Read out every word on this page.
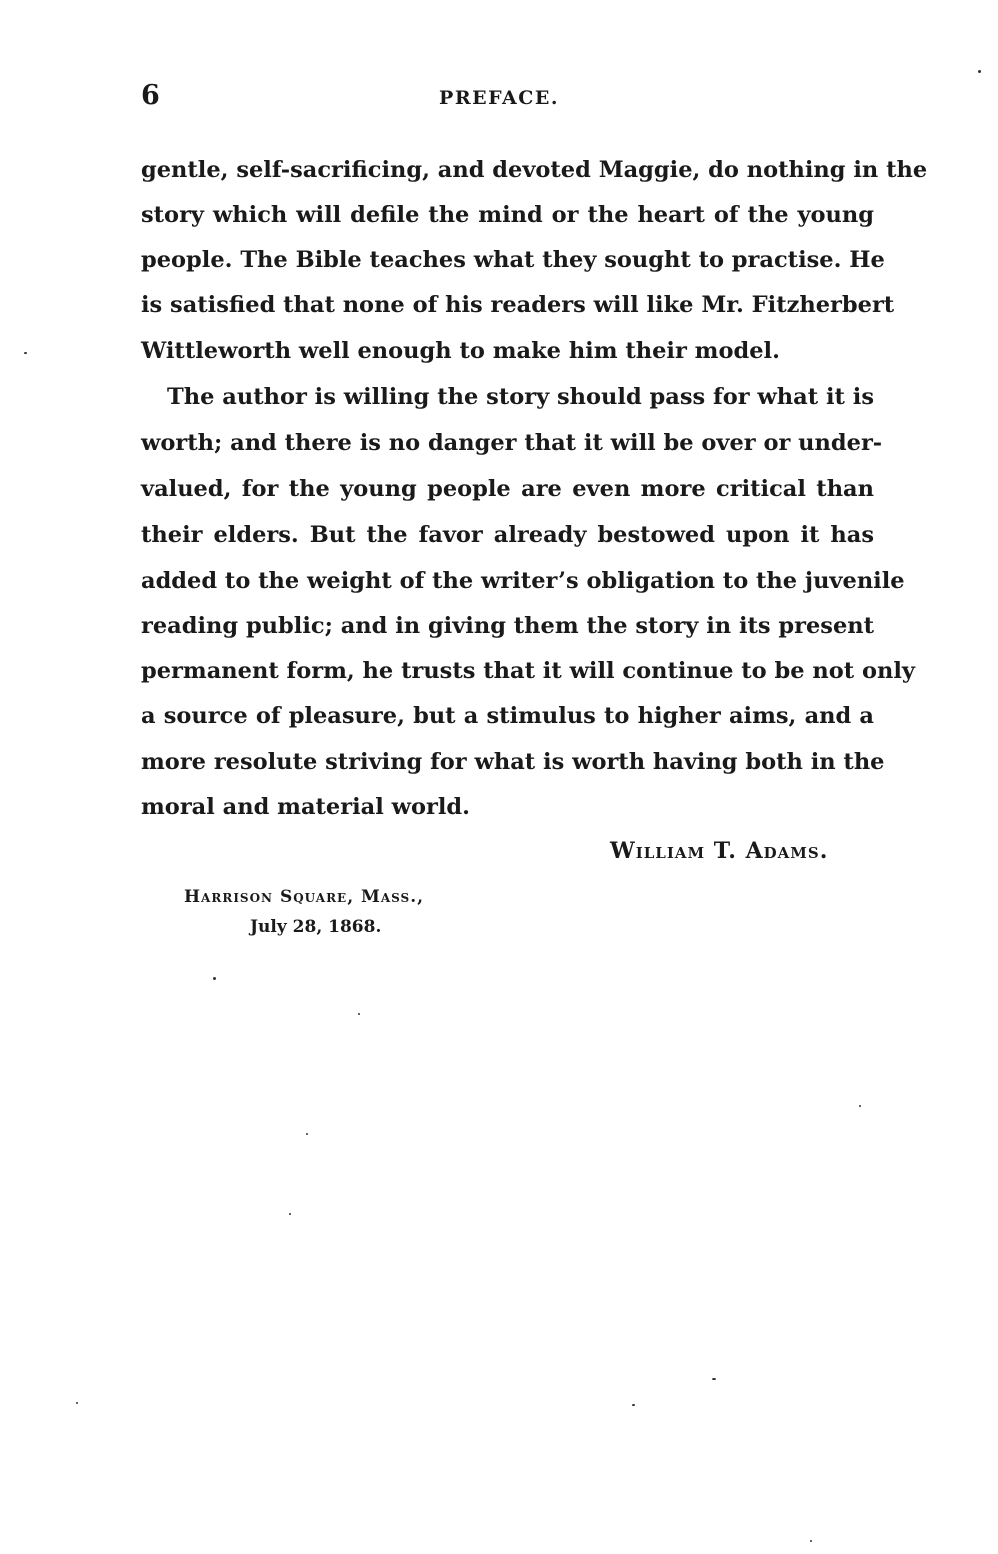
6	PREFACE.
gentle, self-sacrificing, and devoted Maggie, do nothing in the
story which will defile the mind or the heart of the young
people. The Bible teaches what they sought to practise. He
is satisfied that none of his readers will like Mr. Fitzherbert
Wittleworth well enough to make him their model.
The author is willing the story should pass for what it is
worth; and there is no danger that it will be over or under-
valued, for the young people are even more critical than
their elders. But the favor already bestowed upon it has
added to the weight of the writer’s obligation to the juvenile
reading public; and in giving them the story in its present
permanent form, he trusts that it will continue to be not only
a source of pleasure, but a stimulus to higher aims, and a
more resolute striving for what is worth having both in the
moral and material world.
William T. Adams.
Harrison Square, Mass.,
July 28, 1868.
